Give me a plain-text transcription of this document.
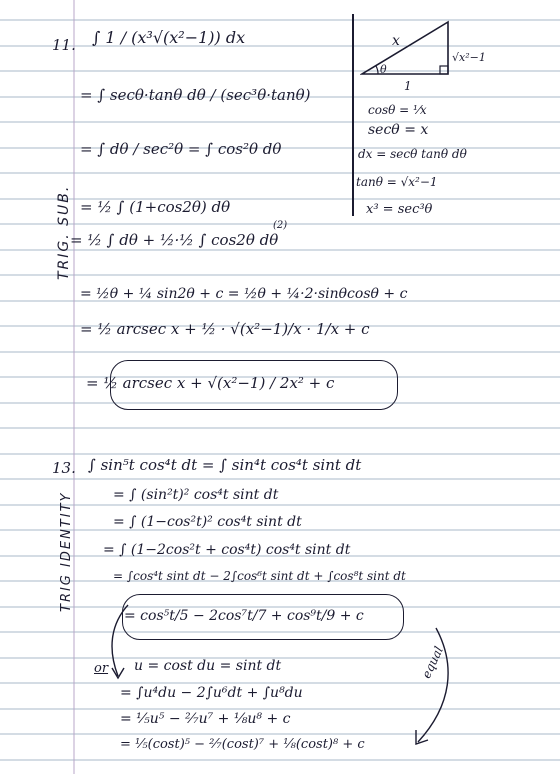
TRIG. SUB.
TRIG IDENTITY
11. ∫ 1 / (x³√(x²−1)) dx
= ∫ secθ·tanθ dθ / (sec³θ·tanθ)
= ∫ dθ / sec²θ = ∫ cos²θ dθ
= ½ ∫ (1+cos2θ) dθ
(2)
= ½ ∫ dθ + ½·½ ∫ cos2θ dθ
= ½θ + ¼ sin2θ + c = ½θ + ¼·2·sinθcosθ + c
= ½ arcsec x + ½ · √(x²−1)/x · 1/x + c
= ½ arcsec x + √(x²−1) / 2x² + c
x
√x²−1
1
θ
cosθ = ¹⁄x
secθ = x
dx = secθ tanθ dθ
tanθ = √x²−1
x³ = sec³θ
13. ∫ sin⁵t cos⁴t dt = ∫ sin⁴t cos⁴t sint dt
= ∫ (sin²t)² cos⁴t sint dt
= ∫ (1−cos²t)² cos⁴t sint dt
= ∫ (1−2cos²t + cos⁴t) cos⁴t sint dt
= ∫cos⁴t sint dt − 2∫cos⁶t sint dt + ∫cos⁸t sint dt
= cos⁵t/5 − 2cos⁷t/7 + cos⁹t/9 + c
or u = cost du = sint dt
= ∫u⁴du − 2∫u⁶dt + ∫u⁸du
= ⅕u⁵ − ²⁄₇u⁷ + ⅛u⁸ + c
= ⅕(cost)⁵ − ²⁄₇(cost)⁷ + ⅛(cost)⁸ + c
equal
